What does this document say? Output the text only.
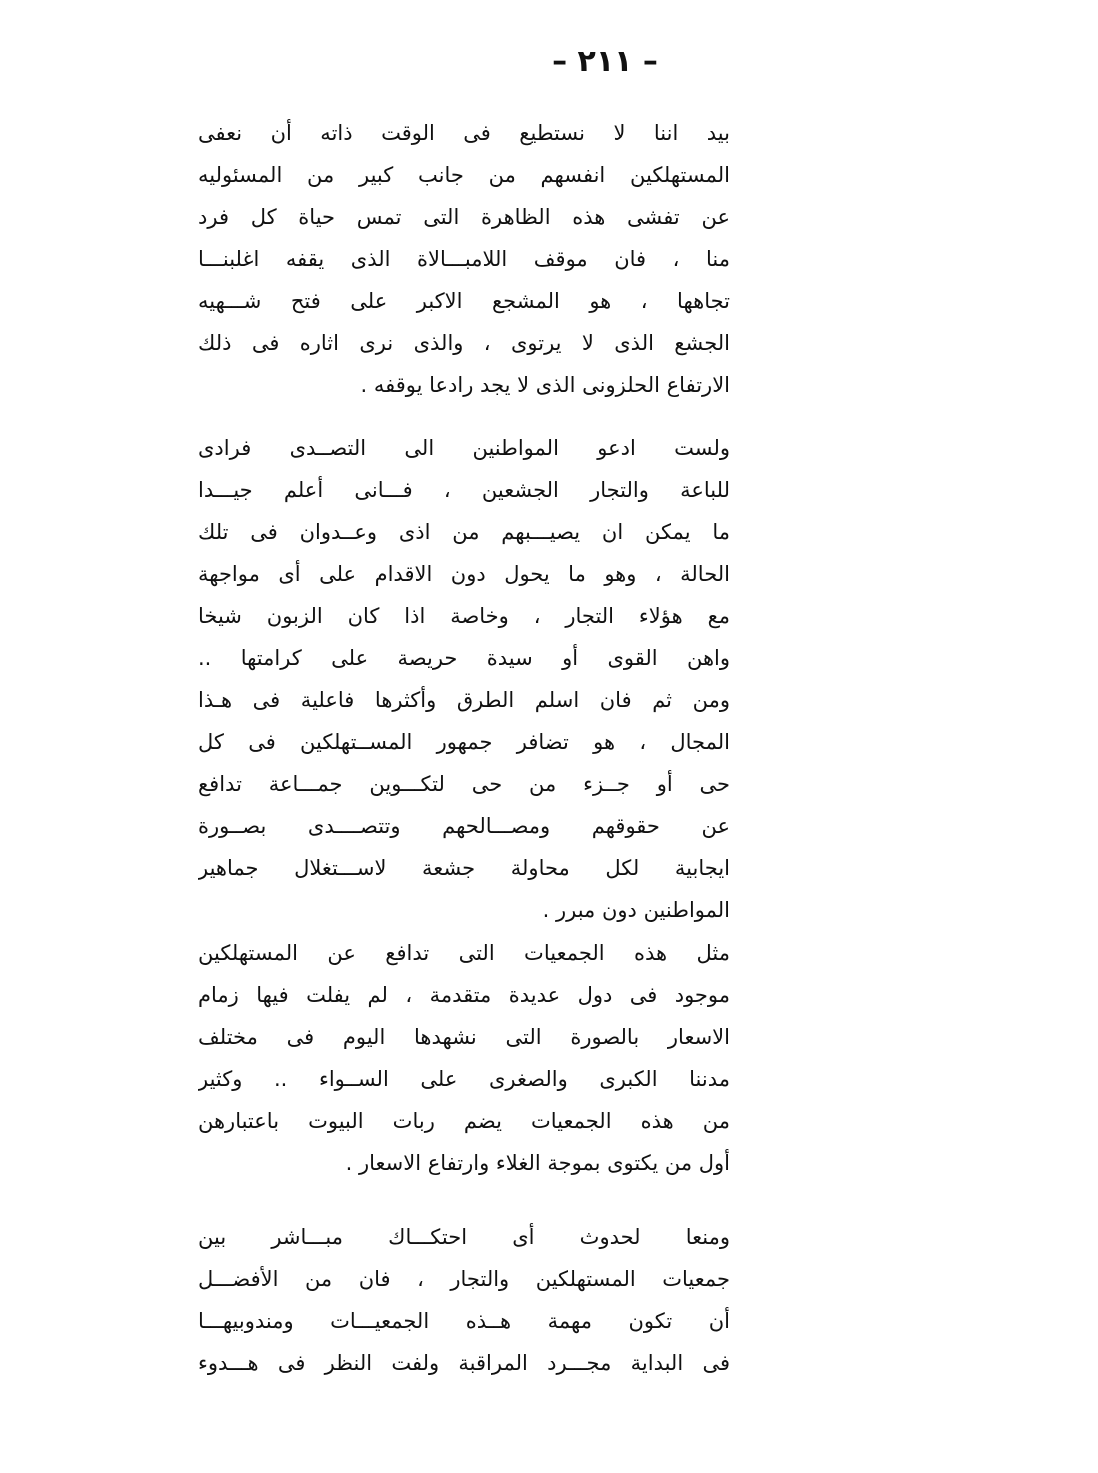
– ٢١١ –
بيد اننا لا نستطيع فى الوقت ذاته أن نعفى
المستهلكين انفسهم من جانب كبير من المسئوليه
عن تفشى هذه الظاهرة التى تمس حياة كل فرد
منا ، فان موقف اللامبـــالاة الذى يقفه اغلبنـــا
تجاهها ، هو المشجع الاكبر على فتح شـــهيه
الجشع الذى لا يرتوى ، والذى نرى اثاره فى ذلك
الارتفاع الحلزونى الذى لا يجد رادعا يوقفه .
ولست ادعو المواطنين الى التصــدى فرادى
للباعة والتجار الجشعين ، فـــانى أعلم جيـــدا
ما يمكن ان يصيـــبهم من اذى وعــدوان فى تلك
الحالة ، وهو ما يحول دون الاقدام على أى مواجهة
مع هؤلاء التجار ، وخاصة اذا كان الزبون شيخا
واهن القوى أو سيدة حريصة على كرامتها ..
ومن ثم فان اسلم الطرق وأكثرها فاعلية فى هـذا
المجال ، هو تضافر جمهور المســتهلكين فى كل
حى أو جــزء من حى لتكـــوين جمـــاعة تدافع
عن حقوقهم ومصـــالحهم وتتصــــدى بصــورة
ايجابية لكل محاولة جشعة لاســـتغلال جماهير
المواطنين دون مبرر .
مثل هذه الجمعيات التى تدافع عن المستهلكين
موجود فى دول عديدة متقدمة ، لم يفلت فيها زمام
الاسعار بالصورة التى نشهدها اليوم فى مختلف
مدننا الكبرى والصغرى على الســواء .. وكثير
من هذه الجمعيات يضم ربات البيوت باعتبارهن
أول من يكتوى بموجة الغلاء وارتفاع الاسعار .
ومنعا لحدوث أى احتكـــاك مبـــاشر بين
جمعيات المستهلكين والتجار ، فان من الأفضـــل
أن تكون مهمة هــذه الجمعيـــات ومندوبيهـــا
فى البداية مجـــرد المراقبة ولفت النظر فى هـــدوء
